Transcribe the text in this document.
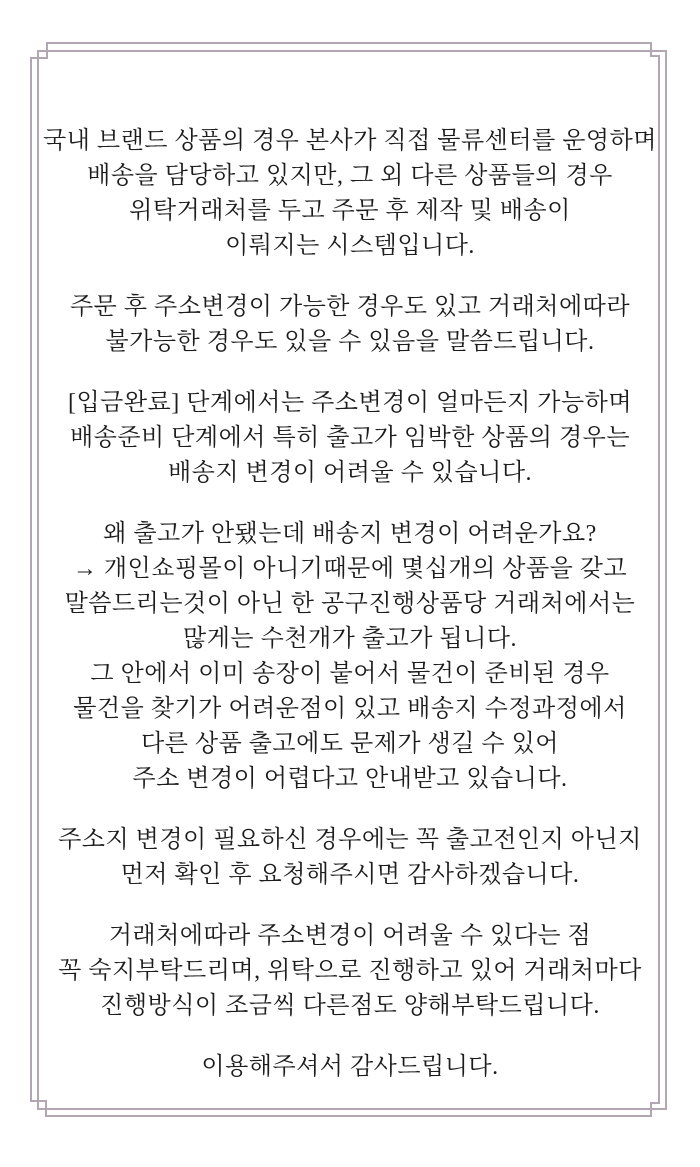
국내 브랜드 상품의 경우 본사가 직접 물류센터를 운영하며
배송을 담당하고 있지만, 그 외 다른 상품들의 경우
위탁거래처를 두고 주문 후 제작 및 배송이
이뤄지는 시스템입니다.

주문 후 주소변경이 가능한 경우도 있고 거래처에따라
불가능한 경우도 있을 수 있음을 말씀드립니다.

[입금완료] 단계에서는 주소변경이 얼마든지 가능하며
배송준비 단계에서 특히 출고가 임박한 상품의 경우는
배송지 변경이 어려울 수 있습니다.

왜 출고가 안됐는데 배송지 변경이 어려운가요?
→ 개인쇼핑몰이 아니기때문에 몇십개의 상품을 갖고
말씀드리는것이 아닌 한 공구진행상품당 거래처에서는
많게는 수천개가 출고가 됩니다.
그 안에서 이미 송장이 붙어서 물건이 준비된 경우
물건을 찾기가 어려운점이 있고 배송지 수정과정에서
다른 상품 출고에도 문제가 생길 수 있어
주소 변경이 어렵다고 안내받고 있습니다.

주소지 변경이 필요하신 경우에는 꼭 출고전인지 아닌지
먼저 확인 후 요청해주시면 감사하겠습니다.

거래처에따라 주소변경이 어려울 수 있다는 점
꼭 숙지부탁드리며, 위탁으로 진행하고 있어 거래처마다
진행방식이 조금씩 다른점도 양해부탁드립니다.

이용해주셔서 감사드립니다.
